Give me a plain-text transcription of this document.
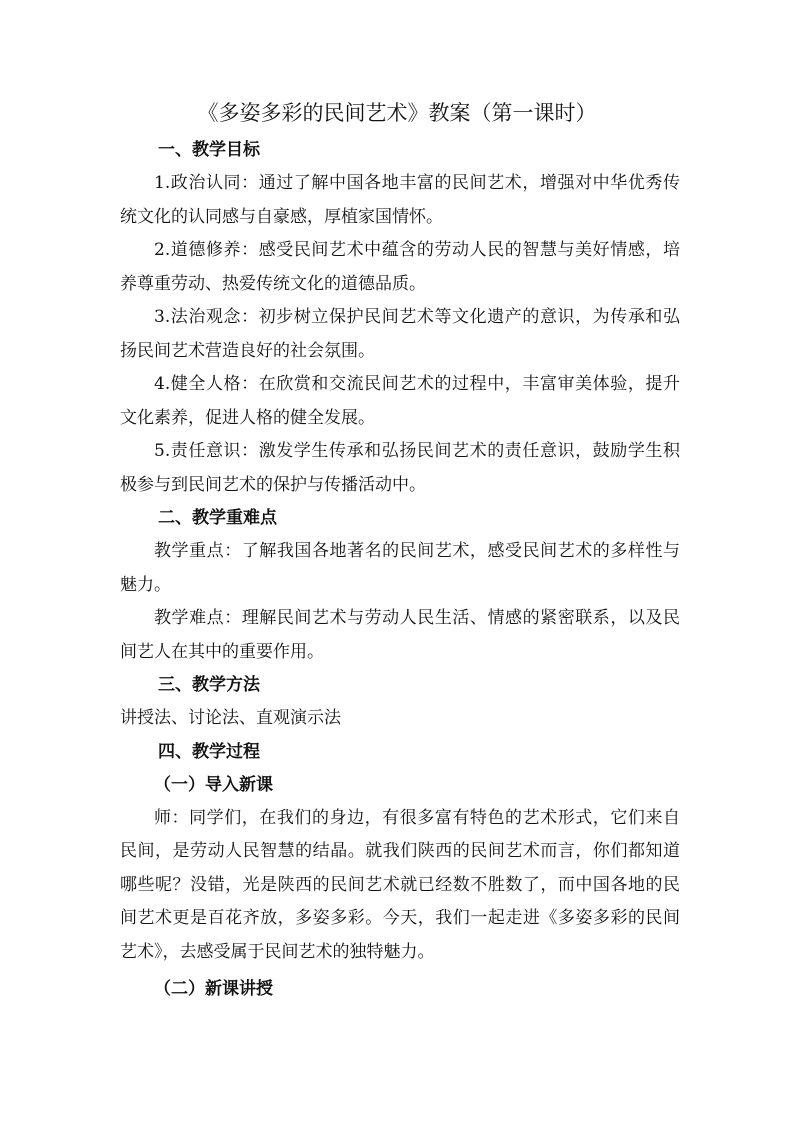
《多姿多彩的民间艺术》教案（第一课时）
一、教学目标

1.政治认同：通过了解中国各地丰富的民间艺术，增强对中华优秀传统文化的认同感与自豪感，厚植家国情怀。

2.道德修养：感受民间艺术中蕴含的劳动人民的智慧与美好情感，培养尊重劳动、热爱传统文化的道德品质。

3.法治观念：初步树立保护民间艺术等文化遗产的意识，为传承和弘扬民间艺术营造良好的社会氛围。

4.健全人格：在欣赏和交流民间艺术的过程中，丰富审美体验，提升文化素养，促进人格的健全发展。

5.责任意识：激发学生传承和弘扬民间艺术的责任意识，鼓励学生积极参与到民间艺术的保护与传播活动中。

二、教学重难点

教学重点：了解我国各地著名的民间艺术，感受民间艺术的多样性与魅力。

教学难点：理解民间艺术与劳动人民生活、情感的紧密联系，以及民间艺人在其中的重要作用。

三、教学方法

讲授法、讨论法、直观演示法

四、教学过程
（一）导入新课

师：同学们，在我们的身边，有很多富有特色的艺术形式，它们来自民间，是劳动人民智慧的结晶。就我们陕西的民间艺术而言，你们都知道哪些呢？没错，光是陕西的民间艺术就已经数不胜数了，而中国各地的民间艺术更是百花齐放，多姿多彩。今天，我们一起走进《多姿多彩的民间艺术》，去感受属于民间艺术的独特魅力。

（二）新课讲授
